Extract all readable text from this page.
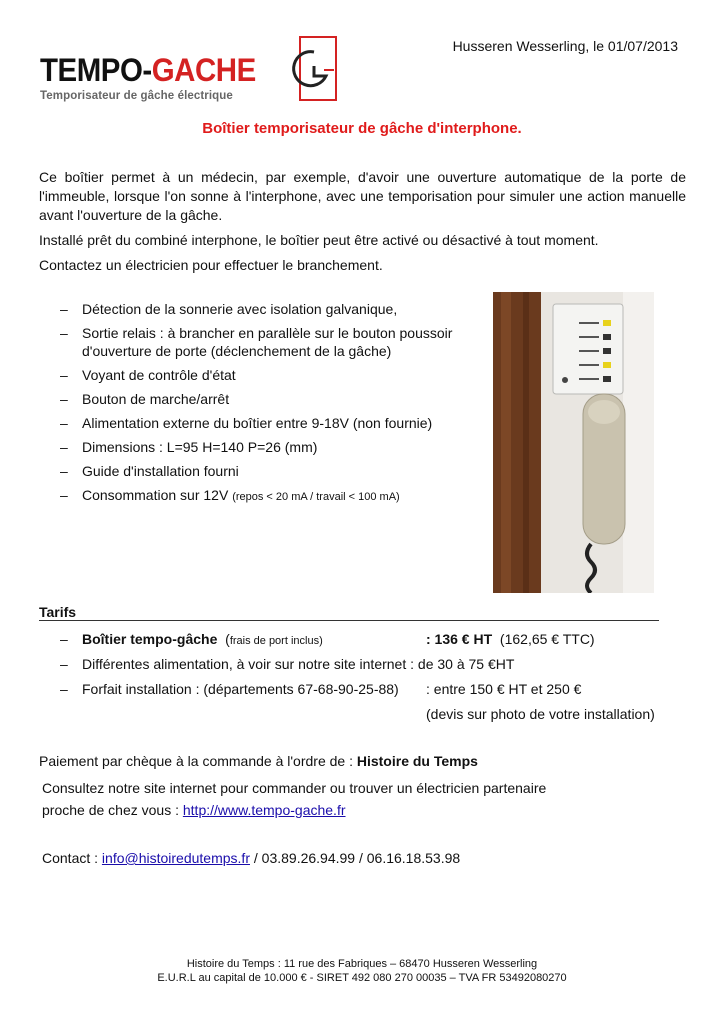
Husseren Wesserling, le 01/07/2013
TEMPO-GACHE
Temporisateur de gâche électrique
Boîtier temporisateur de gâche d'interphone.

Ce boîtier permet à un médecin, par exemple, d'avoir une ouverture automatique de la porte de l'immeuble, lorsque l'on sonne à l'interphone, avec une temporisation pour simuler une action manuelle avant l'ouverture de la gâche.

Installé prêt du combiné interphone, le boîtier peut être activé ou désactivé à tout moment.

Contactez un électricien pour effectuer le branchement.

– Détection de la sonnerie avec isolation galvanique,
– Sortie relais : à brancher en parallèle sur le bouton poussoir d'ouverture de porte (déclenchement de la gâche)
– Voyant de contrôle d'état
– Bouton de marche/arrêt
– Alimentation externe du boîtier entre 9-18V (non fournie)
– Dimensions : L=95 H=140 P=26 (mm)
– Guide d'installation fourni
– Consommation sur 12V (repos < 20 mA / travail < 100 mA)
Tarifs
– Boîtier tempo-gâche (frais de port inclus)	: 136 € HT (162,65 € TTC)
– Différentes alimentation, à voir sur notre site internet : de 30 à 75 €HT
– Forfait installation : (départements 67-68-90-25-88) : entre 150 € HT et 250 €
(devis sur photo de votre installation)
Paiement par chèque à la commande à l'ordre de : Histoire du Temps
Consultez notre site internet pour commander ou trouver un électricien partenaire
proche de chez vous : http://www.tempo-gache.fr
Contact : info@histoiredutemps.fr / 03.89.26.94.99 / 06.16.18.53.98
Histoire du Temps : 11 rue des Fabriques – 68470 Husseren Wesserling
E.U.R.L au capital de 10.000 € - SIRET 492 080 270 00035 – TVA FR 53492080270
